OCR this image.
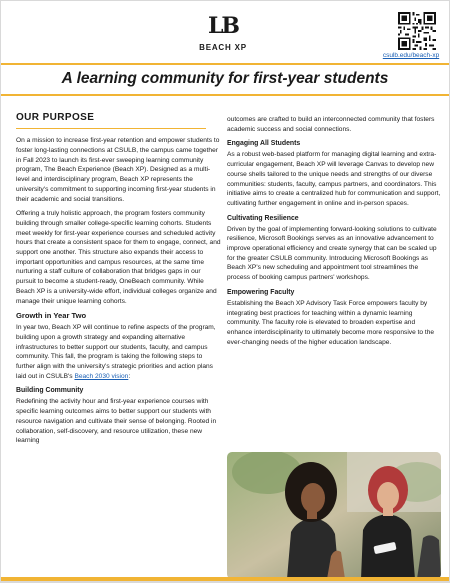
LB
BEACH XP
csulb.edu/beach-xp
A learning community for first-year students
OUR PURPOSE

On a mission to increase first-year retention and empower students to foster long-lasting connections at CSULB, the campus came together in Fall 2023 to launch its first-ever sweeping learning community program, The Beach Experience (Beach XP). Designed as a multi-level and interdisciplinary program, Beach XP represents the university's commitment to supporting incoming first-year students in their academic and social transitions.

Offering a truly holistic approach, the program fosters community building through smaller college-specific learning cohorts. Students meet weekly for first-year experience courses and scheduled activity hours that create a consistent space for them to engage, connect, and support one another. This structure also expands their access to important opportunities and campus resources, at the same time nurturing a staff culture of collaboration that bridges gaps in our pursuit to become a student-ready, OneBeach community. While Beach XP is a university-wide effort, individual colleges organize and manage their unique learning cohorts.

Growth in Year Two

In year two, Beach XP will continue to refine aspects of the program, building upon a growth strategy and expanding alternative infrastructures to better support our students, faculty, and campus community. This fall, the program is taking the following steps to further align with the university's strategic priorities and action plans laid out in CSULB's Beach 2030 vision:

Building Community

Redefining the activity hour and first-year experience courses with specific learning outcomes aims to better support our students with resource navigation and cultivate their sense of belonging. Rooted in collaboration, self-discovery, and resource utilization, these new learning

outcomes are crafted to build an interconnected community that fosters academic success and social connections.

Engaging All Students

As a robust web-based platform for managing digital learning and extra-curricular engagement, Beach XP will leverage Canvas to develop new course shells tailored to the unique needs and strengths of our diverse communities: students, faculty, campus partners, and coordinators. This initiative aims to create a centralized hub for communication and support, cultivating further engagement in online and in-person spaces.

Cultivating Resilience

Driven by the goal of implementing forward-looking solutions to cultivate resilience, Microsoft Bookings serves as an innovative advancement to improve operational efficiency and create synergy that can be scaled up for the greater CSULB community. Introducing Microsoft Bookings as Beach XP's new scheduling and appointment tool streamlines the process of booking campus partners' workshops.

Empowering Faculty

Establishing the Beach XP Advisory Task Force empowers faculty by integrating best practices for teaching within a dynamic learning community. The faculty role is elevated to broaden expertise and enhance interdisciplinarity to ultimately become more responsive to the ever-changing needs of the higher education landscape.
